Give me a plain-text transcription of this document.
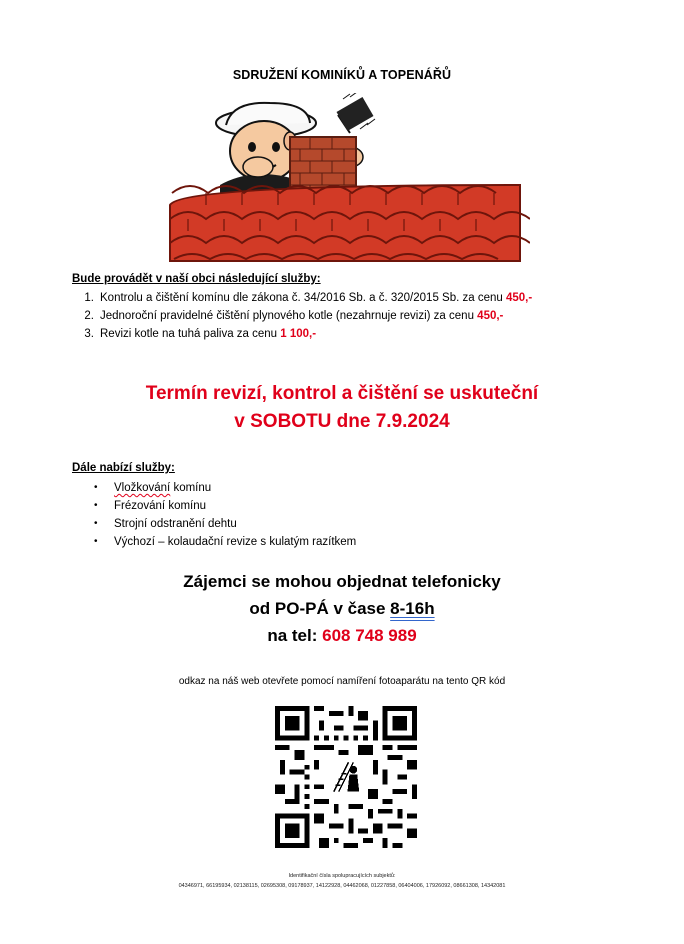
SDRUŽENÍ KOMINÍKŮ A TOPENÁŘŮ
Bude provádět v naší obci následující služby:
1. Kontrolu a čištění komínu dle zákona č. 34/2016 Sb. a č. 320/2015 Sb. za cenu 450,-
2. Jednoroční pravidelné čištění plynového kotle (nezahrnuje revizi) za cenu 450,-
3. Revizi kotle na tuhá paliva za cenu 1 100,-
Termín revizí, kontrol a čištění se uskuteční
v SOBOTU dne 7.9.2024
Dále nabízí služby:
• Vložkování komínu
• Frézování komínu
• Strojní odstranění dehtu
• Výchozí – kolaudační revize s kulatým razítkem
Zájemci se mohou objednat telefonicky
od PO-PÁ v čase 8-16h
na tel: 608 748 989
odkaz na náš web otevřete pomocí namíření fotoaparátu na tento QR kód
Identifikační čísla spolupracujících subjektů:
04346971, 66195934, 02138115, 02695308, 09178937, 14122928, 04462068, 01227858, 06404006, 17926092, 08661308, 14342081
